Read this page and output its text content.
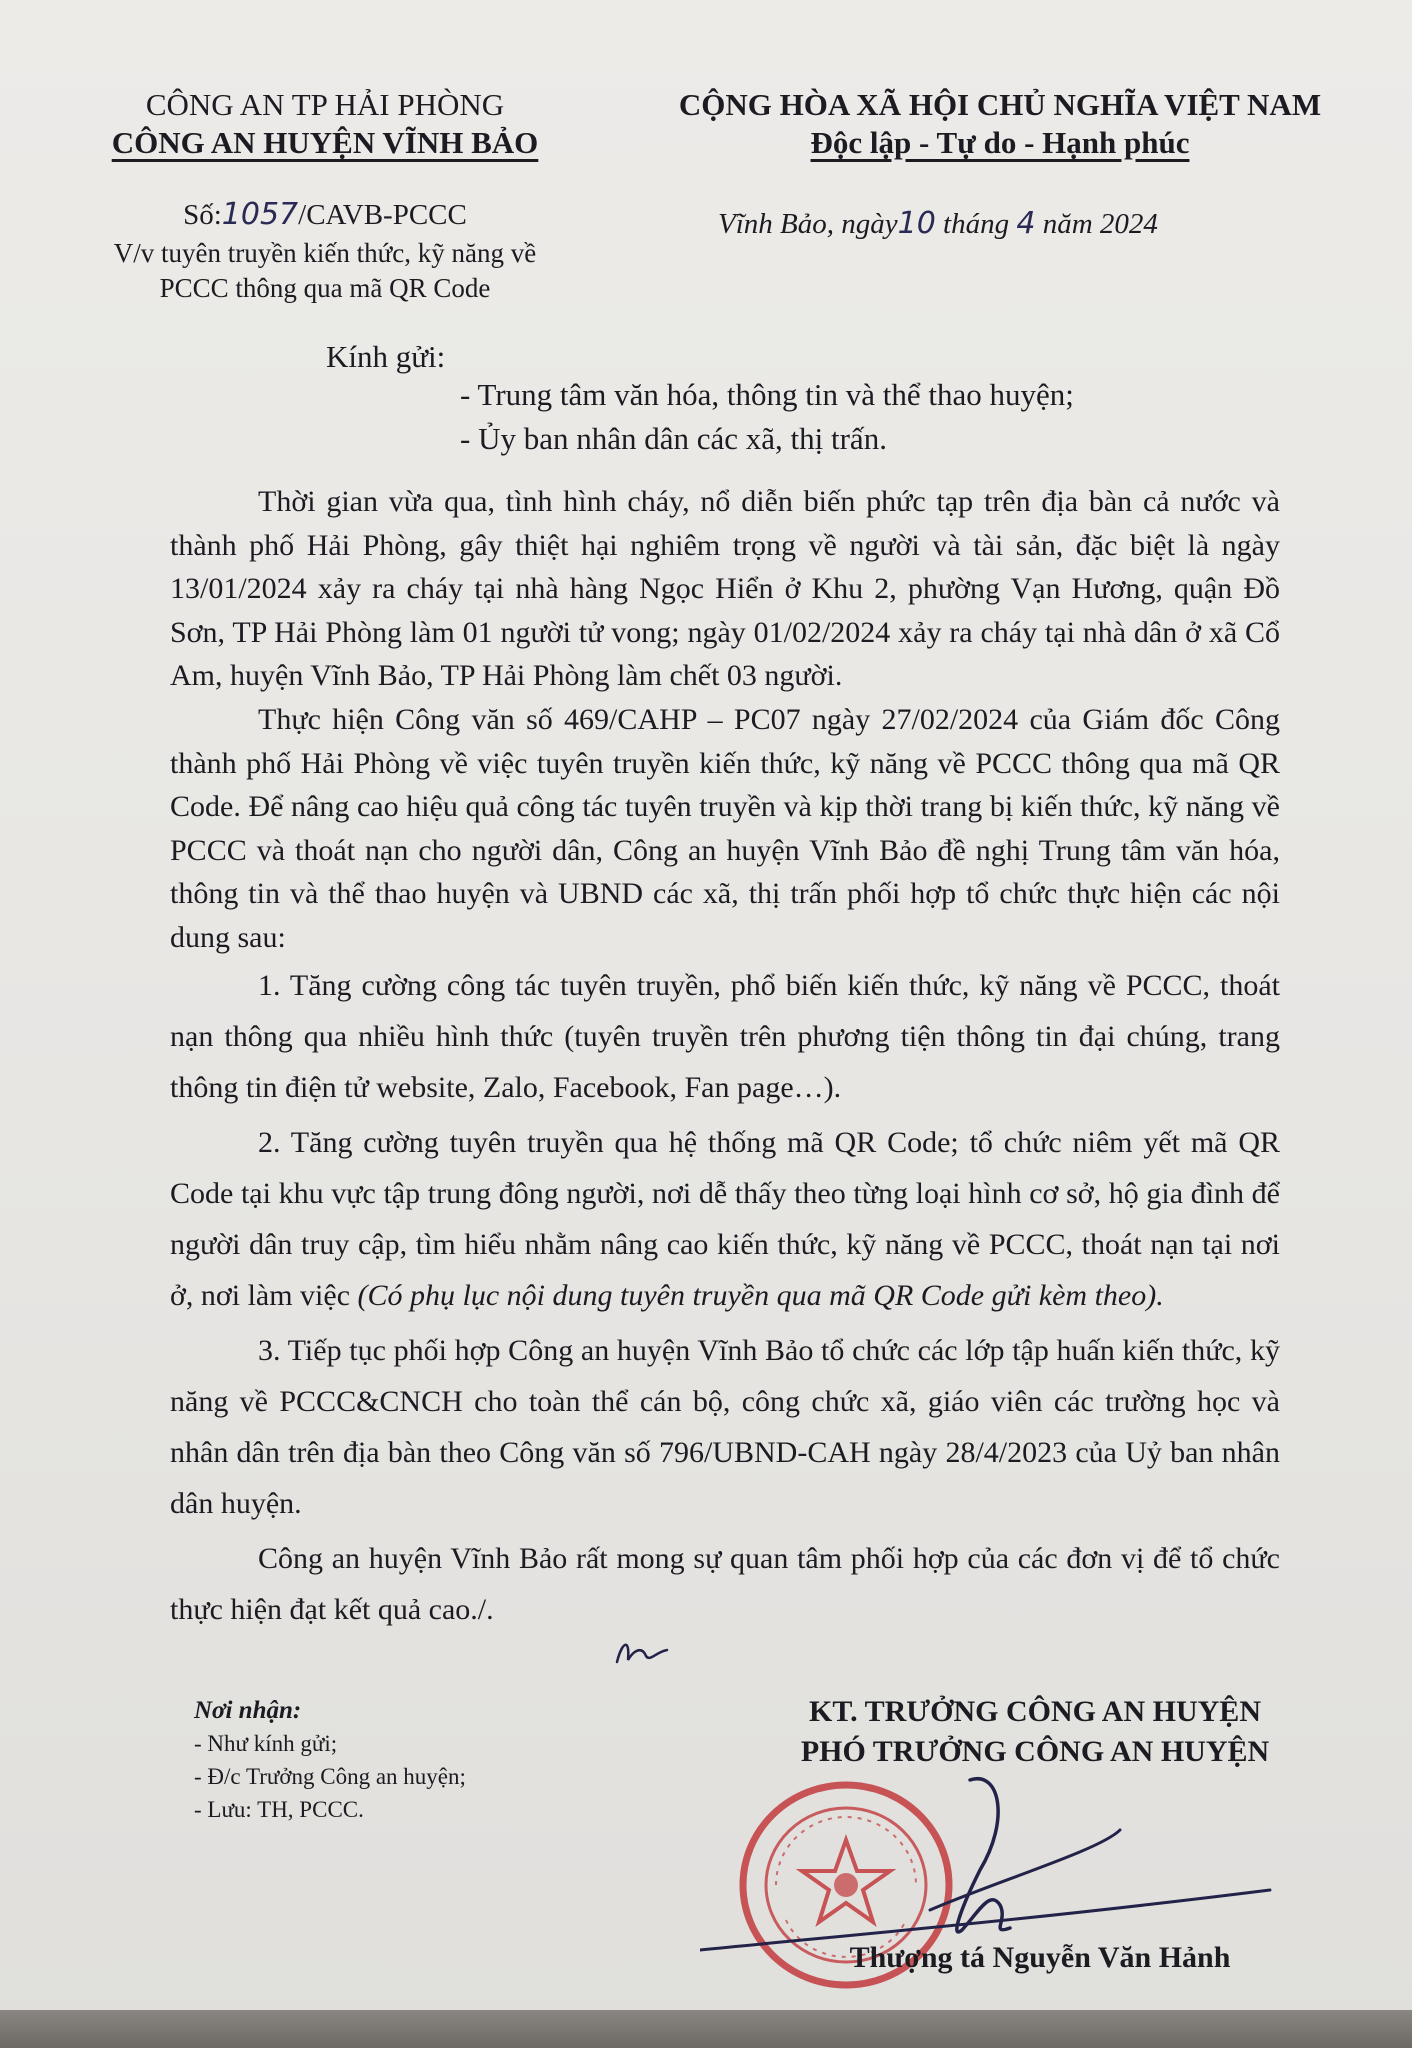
CÔNG AN TP HẢI PHÒNG
CÔNG AN HUYỆN VĨNH BẢO
Số:1057/CAVB-PCCC
V/v tuyên truyền kiến thức, kỹ năng về
PCCC thông qua mã QR Code
CỘNG HÒA XÃ HỘI CHỦ NGHĨA VIỆT NAM
Độc lập - Tự do - Hạnh phúc
Vĩnh Bảo, ngày10 tháng 4 năm 2024
Kính gửi:
- Trung tâm văn hóa, thông tin và thể thao huyện;
- Ủy ban nhân dân các xã, thị trấn.

Thời gian vừa qua, tình hình cháy, nổ diễn biến phức tạp trên địa bàn cả nước và thành phố Hải Phòng, gây thiệt hại nghiêm trọng về người và tài sản, đặc biệt là ngày 13/01/2024 xảy ra cháy tại nhà hàng Ngọc Hiển ở Khu 2, phường Vạn Hương, quận Đồ Sơn, TP Hải Phòng làm 01 người tử vong; ngày 01/02/2024 xảy ra cháy tại nhà dân ở xã Cổ Am, huyện Vĩnh Bảo, TP Hải Phòng làm chết 03 người.

Thực hiện Công văn số 469/CAHP – PC07 ngày 27/02/2024 của Giám đốc Công thành phố Hải Phòng về việc tuyên truyền kiến thức, kỹ năng về PCCC thông qua mã QR Code. Để nâng cao hiệu quả công tác tuyên truyền và kịp thời trang bị kiến thức, kỹ năng về PCCC và thoát nạn cho người dân, Công an huyện Vĩnh Bảo đề nghị Trung tâm văn hóa, thông tin và thể thao huyện và UBND các xã, thị trấn phối hợp tổ chức thực hiện các nội dung sau:

1. Tăng cường công tác tuyên truyền, phổ biến kiến thức, kỹ năng về PCCC, thoát nạn thông qua nhiều hình thức (tuyên truyền trên phương tiện thông tin đại chúng, trang thông tin điện tử website, Zalo, Facebook, Fan page…).

2. Tăng cường tuyên truyền qua hệ thống mã QR Code; tổ chức niêm yết mã QR Code tại khu vực tập trung đông người, nơi dễ thấy theo từng loại hình cơ sở, hộ gia đình để người dân truy cập, tìm hiểu nhằm nâng cao kiến thức, kỹ năng về PCCC, thoát nạn tại nơi ở, nơi làm việc (Có phụ lục nội dung tuyên truyền qua mã QR Code gửi kèm theo).

3. Tiếp tục phối hợp Công an huyện Vĩnh Bảo tổ chức các lớp tập huấn kiến thức, kỹ năng về PCCC&CNCH cho toàn thể cán bộ, công chức xã, giáo viên các trường học và nhân dân trên địa bàn theo Công văn số 796/UBND-CAH ngày 28/4/2023 của Uỷ ban nhân dân huyện.

Công an huyện Vĩnh Bảo rất mong sự quan tâm phối hợp của các đơn vị để tổ chức thực hiện đạt kết quả cao./.

Nơi nhận:
- Như kính gửi;
- Đ/c Trưởng Công an huyện;
- Lưu: TH, PCCC.
KT. TRƯỞNG CÔNG AN HUYỆN
PHÓ TRƯỞNG CÔNG AN HUYỆN
Thượng tá Nguyễn Văn Hảnh
